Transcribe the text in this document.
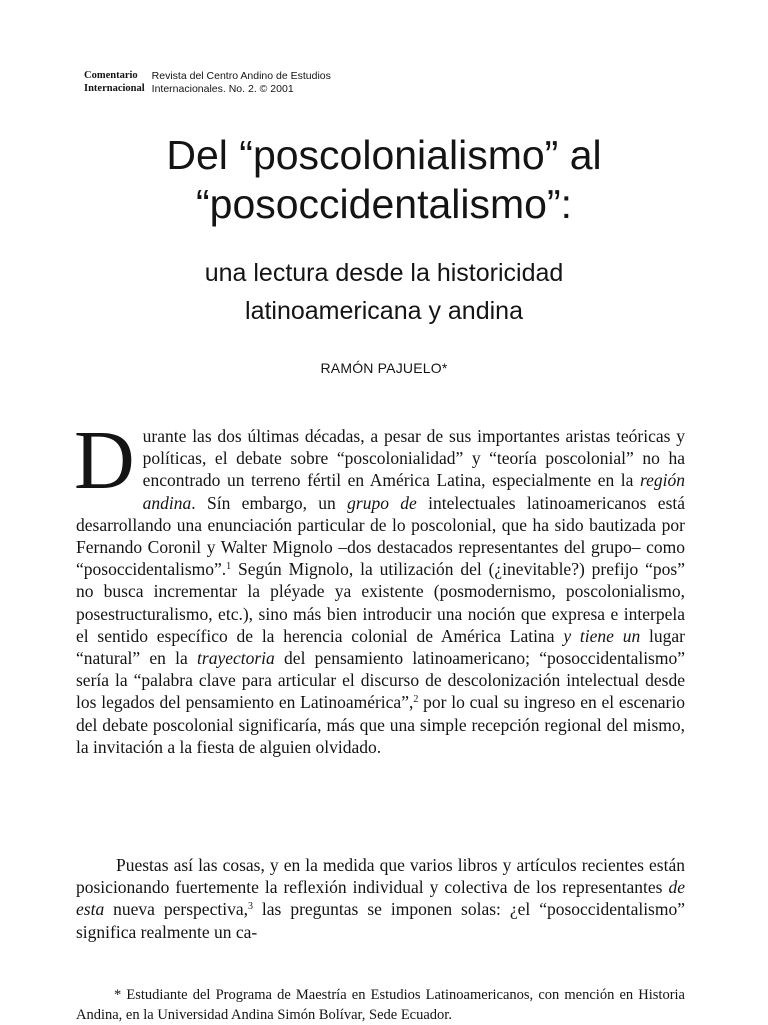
Comentario
Internacional
Revista del Centro Andino de Estudios
Internacionales. No. 2. © 2001
Del “poscolonialismo” al
“posoccidentalismo”:
una lectura desde la historicidad
latinoamericana y andina
RAMÓN PAJUELO*
Durante las dos últimas décadas, a pesar de sus importantes aristas teóricas y políticas, el debate sobre “poscolonialidad” y “teoría poscolonial” no ha encontrado un terreno fértil en América Latina, especialmente en la región andina. Sín embargo, un grupo de intelectuales latinoamericanos está desarrollando una enunciación particular de lo poscolonial, que ha sido bautizada por Fernando Coronil y Walter Mignolo –dos destacados representantes del grupo– como “posoccidentalismo”.$^1$ Según Mignolo, la utilización del (¿inevitable?) prefijo “pos” no busca incrementar la pléyade ya existente (posmodernismo, poscolonialismo, posestructuralismo, etc.), sino más bien introducir una noción que expresa e interpela el sentido específico de la herencia colonial de América Latina y tiene un lugar “natural” en la trayectoria del pensamiento latinoamericano; “posoccidentalismo” sería la “palabra clave para articular el discurso de descolonización intelectual desde los legados del pensamiento en Latinoamérica”,$^2$ por lo cual su ingreso en el escenario del debate poscolonial significaría, más que una simple recepción regional del mismo, la invitación a la fiesta de alguien olvidado.
Puestas así las cosas, y en la medida que varios libros y artículos recientes están posicionando fuertemente la reflexión individual y colectiva de los representantes de esta nueva perspectiva,$^3$ las preguntas se imponen solas: ¿el “posoccidentalismo” significa realmente un ca-
* Estudiante del Programa de Maestría en Estudios Latinoamericanos, con mención en Historia Andina, en la Universidad Andina Simón Bolívar, Sede Ecuador.
